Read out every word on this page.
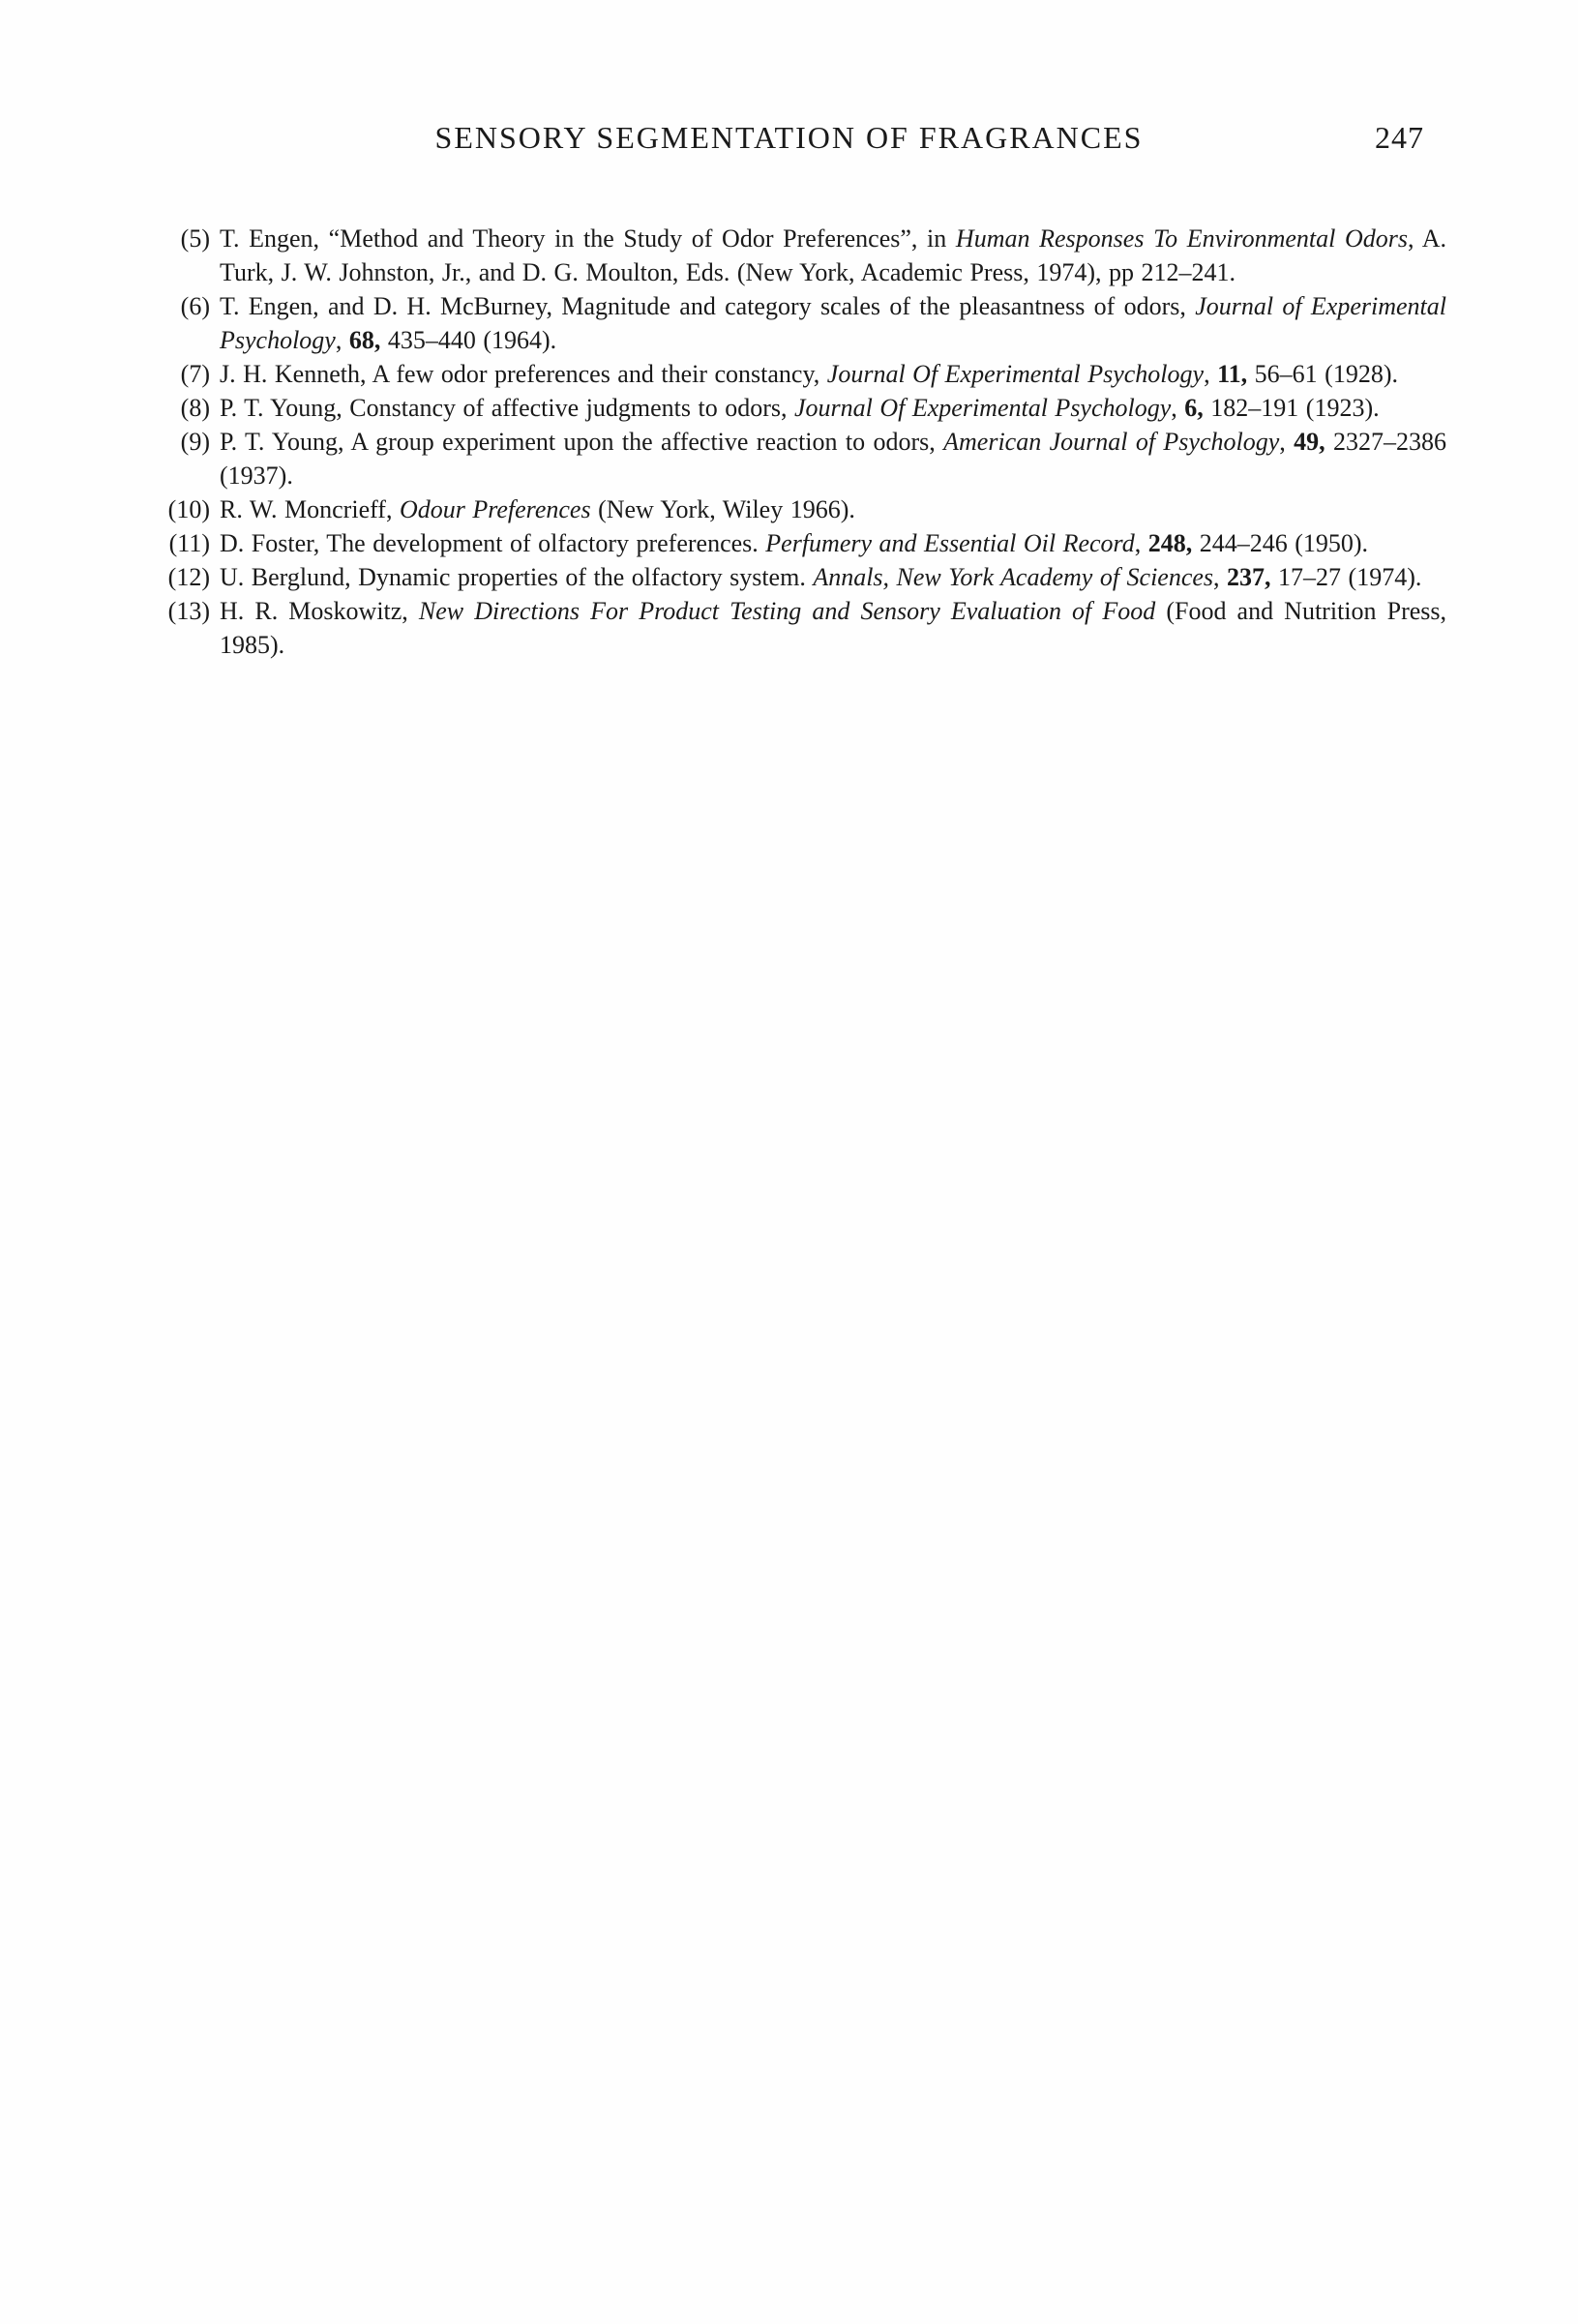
SENSORY SEGMENTATION OF FRAGRANCES	247
(5) T. Engen, “Method and Theory in the Study of Odor Preferences”, in Human Responses To Environmental Odors, A. Turk, J. W. Johnston, Jr., and D. G. Moulton, Eds. (New York, Academic Press, 1974), pp 212–241.
(6) T. Engen, and D. H. McBurney, Magnitude and category scales of the pleasantness of odors, Journal of Experimental Psychology, 68, 435–440 (1964).
(7) J. H. Kenneth, A few odor preferences and their constancy, Journal Of Experimental Psychology, 11, 56–61 (1928).
(8) P. T. Young, Constancy of affective judgments to odors, Journal Of Experimental Psychology, 6, 182–191 (1923).
(9) P. T. Young, A group experiment upon the affective reaction to odors, American Journal of Psychology, 49, 2327–2386 (1937).
(10) R. W. Moncrieff, Odour Preferences (New York, Wiley 1966).
(11) D. Foster, The development of olfactory preferences. Perfumery and Essential Oil Record, 248, 244–246 (1950).
(12) U. Berglund, Dynamic properties of the olfactory system. Annals, New York Academy of Sciences, 237, 17–27 (1974).
(13) H. R. Moskowitz, New Directions For Product Testing and Sensory Evaluation of Food (Food and Nutrition Press, 1985).
